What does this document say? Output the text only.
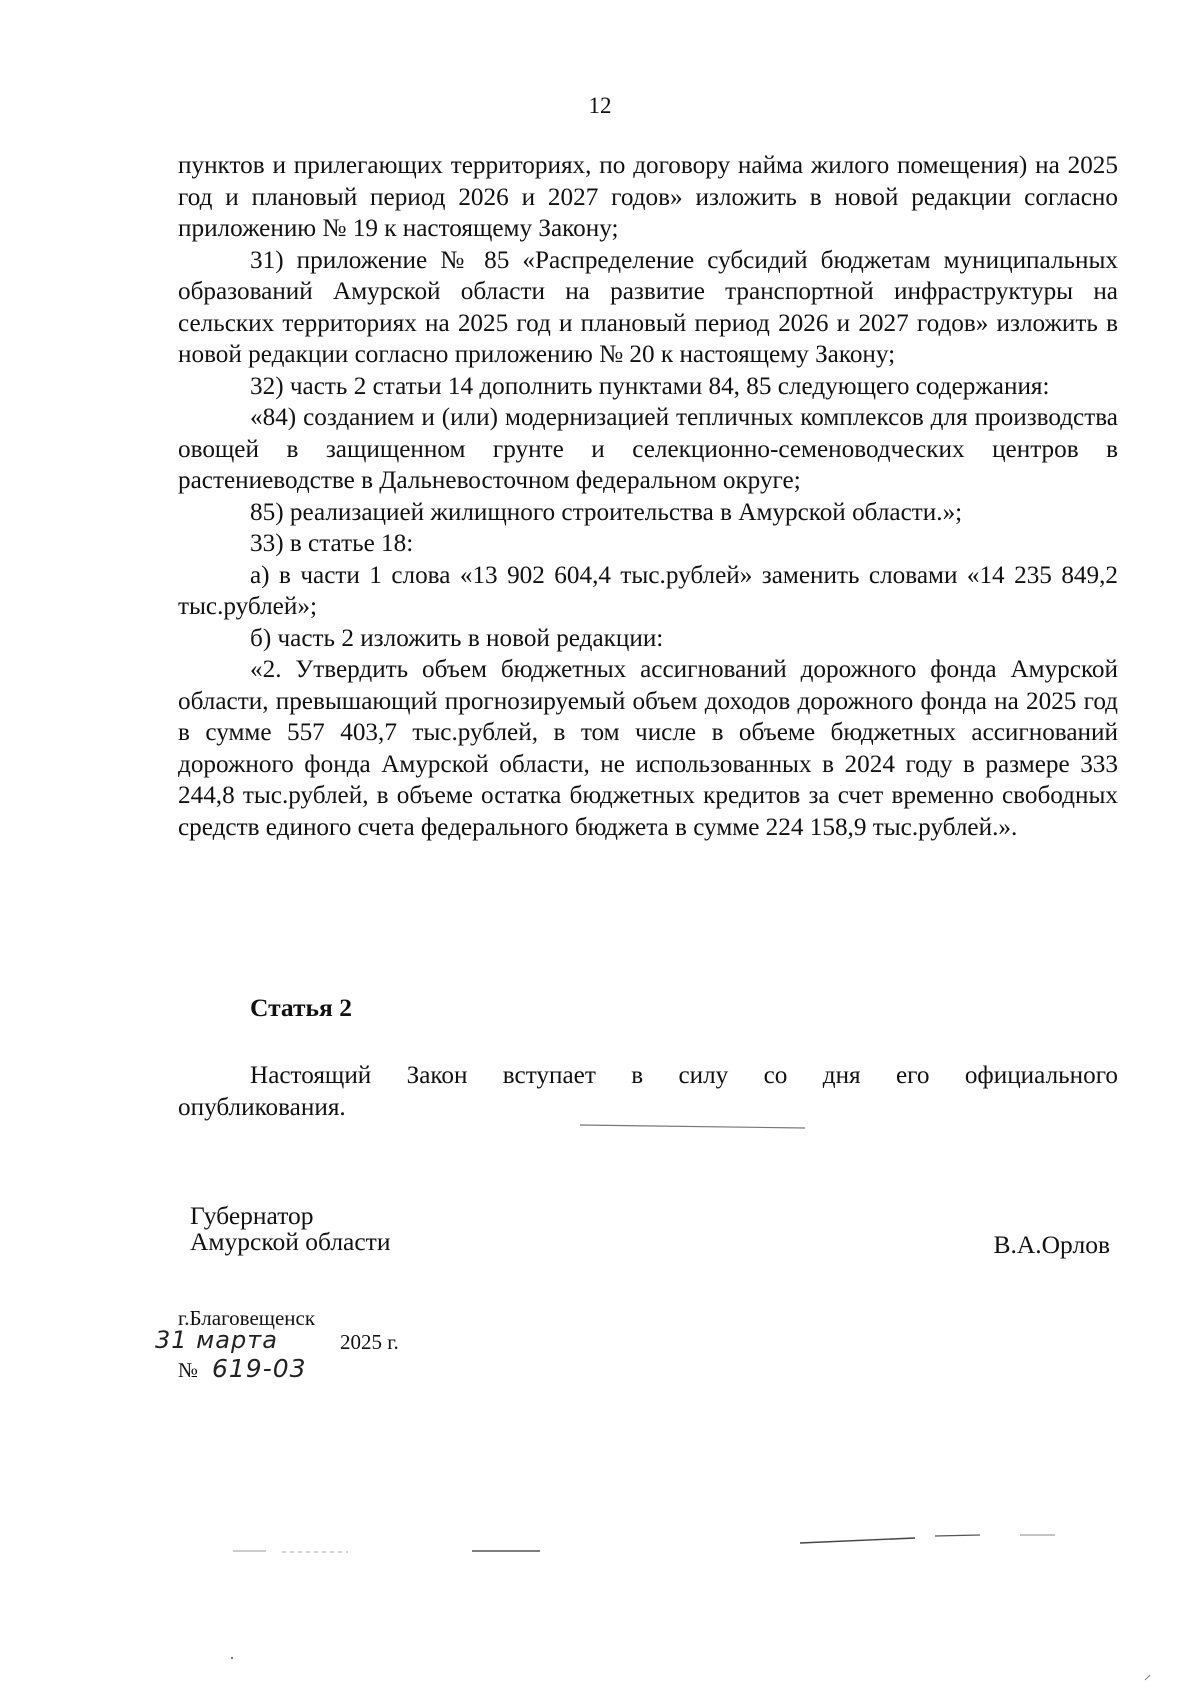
12

пунктов и прилегающих территориях, по договору найма жилого помещения) на 2025 год и плановый период 2026 и 2027 годов» изложить в новой редакции согласно приложению № 19 к настоящему Закону;

31) приложение № 85 «Распределение субсидий бюджетам муниципальных образований Амурской области на развитие транспортной инфраструктуры на сельских территориях на 2025 год и плановый период 2026 и 2027 годов» изложить в новой редакции согласно приложению № 20 к настоящему Закону;

32) часть 2 статьи 14 дополнить пунктами 84, 85 следующего содержания:

«84) созданием и (или) модернизацией тепличных комплексов для производства овощей в защищенном грунте и селекционно-семеноводческих центров в растениеводстве в Дальневосточном федеральном округе;

85) реализацией жилищного строительства в Амурской области.»;

33) в статье 18:

а) в части 1 слова «13 902 604,4 тыс.рублей» заменить словами «14 235 849,2 тыс.рублей»;

б) часть 2 изложить в новой редакции:

«2. Утвердить объем бюджетных ассигнований дорожного фонда Амурской области, превышающий прогнозируемый объем доходов дорожного фонда на 2025 год в сумме 557 403,7 тыс.рублей, в том числе в объеме бюджетных ассигнований дорожного фонда Амурской области, не использованных в 2024 году в размере 333 244,8 тыс.рублей, в объеме остатка бюджетных кредитов за счет временно свободных средств единого счета федерального бюджета в сумме 224 158,9 тыс.рублей.».

Статья 2

Настоящий Закон вступает в силу со дня его официального

опубликования.

Губернатор
Амурской области	В.А.Орлов
г.Благовещенск
31 марта	2025 г.
№ 619-03
